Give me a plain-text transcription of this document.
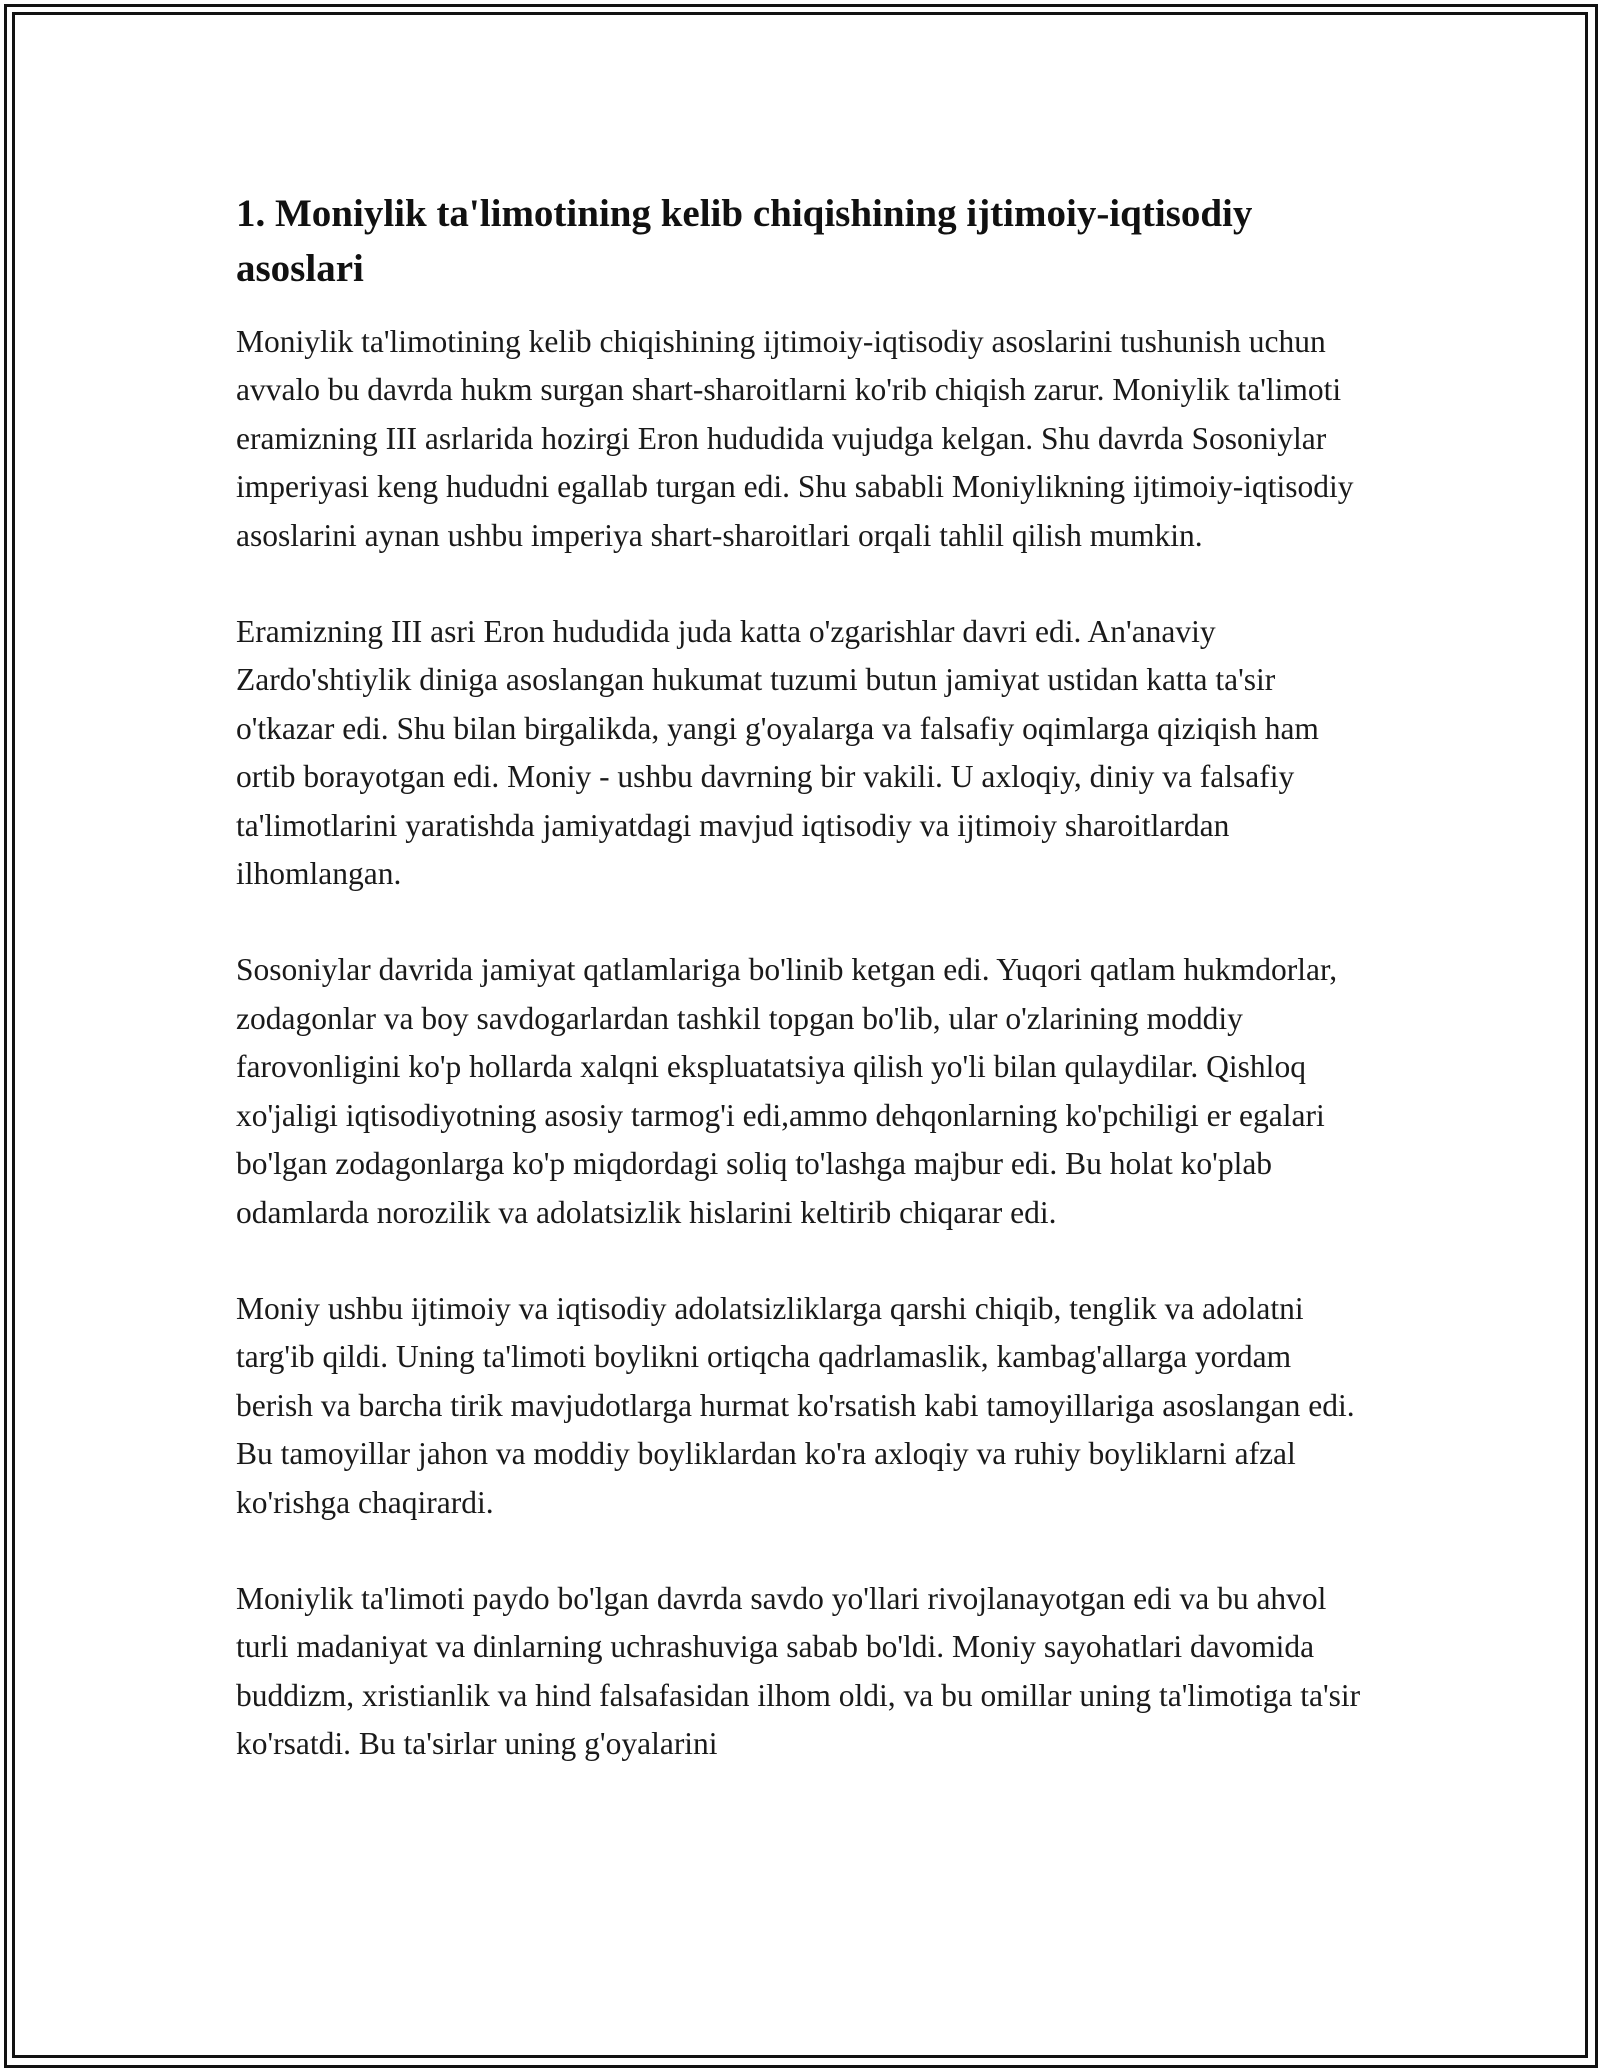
1. Moniylik ta'limotining kelib chiqishining ijtimoiy-iqtisodiy asoslari

Moniylik ta'limotining kelib chiqishining ijtimoiy-iqtisodiy asoslarini tushunish uchun avvalo bu davrda hukm surgan shart-sharoitlarni ko'rib chiqish zarur. Moniylik ta'limoti eramizning III asrlarida hozirgi Eron hududida vujudga kelgan. Shu davrda Sosoniylar imperiyasi keng hududni egallab turgan edi. Shu sababli Moniylikning ijtimoiy-iqtisodiy asoslarini aynan ushbu imperiya shart-sharoitlari orqali tahlil qilish mumkin.

Eramizning III asri Eron hududida juda katta o'zgarishlar davri edi. An'anaviy Zardo'shtiylik diniga asoslangan hukumat tuzumi butun jamiyat ustidan katta ta'sir o'tkazar edi. Shu bilan birgalikda, yangi g'oyalarga va falsafiy oqimlarga qiziqish ham ortib borayotgan edi. Moniy - ushbu davrning bir vakili. U axloqiy, diniy va falsafiy ta'limotlarini yaratishda jamiyatdagi mavjud iqtisodiy va ijtimoiy sharoitlardan ilhomlangan.

Sosoniylar davrida jamiyat qatlamlariga bo'linib ketgan edi. Yuqori qatlam hukmdorlar, zodagonlar va boy savdogarlardan tashkil topgan bo'lib, ular o'zlarining moddiy farovonligini ko'p hollarda xalqni ekspluatatsiya qilish yo'li bilan qulaydilar. Qishloq xo'jaligi iqtisodiyotning asosiy tarmog'i edi,ammo dehqonlarning ko'pchiligi er egalari bo'lgan zodagonlarga ko'p miqdordagi soliq to'lashga majbur edi. Bu holat ko'plab odamlarda norozilik va adolatsizlik hislarini keltirib chiqarar edi.

Moniy ushbu ijtimoiy va iqtisodiy adolatsizliklarga qarshi chiqib, tenglik va adolatni targ'ib qildi. Uning ta'limoti boylikni ortiqcha qadrlamaslik, kambag'allarga yordam berish va barcha tirik mavjudotlarga hurmat ko'rsatish kabi tamoyillariga asoslangan edi. Bu tamoyillar jahon va moddiy boyliklardan ko'ra axloqiy va ruhiy boyliklarni afzal ko'rishga chaqirardi.

Moniylik ta'limoti paydo bo'lgan davrda savdo yo'llari rivojlanayotgan edi va bu ahvol turli madaniyat va dinlarning uchrashuviga sabab bo'ldi. Moniy sayohatlari davomida buddizm, xristianlik va hind falsafasidan ilhom oldi, va bu omillar uning ta'limotiga ta'sir ko'rsatdi. Bu ta'sirlar uning g'oyalarini
